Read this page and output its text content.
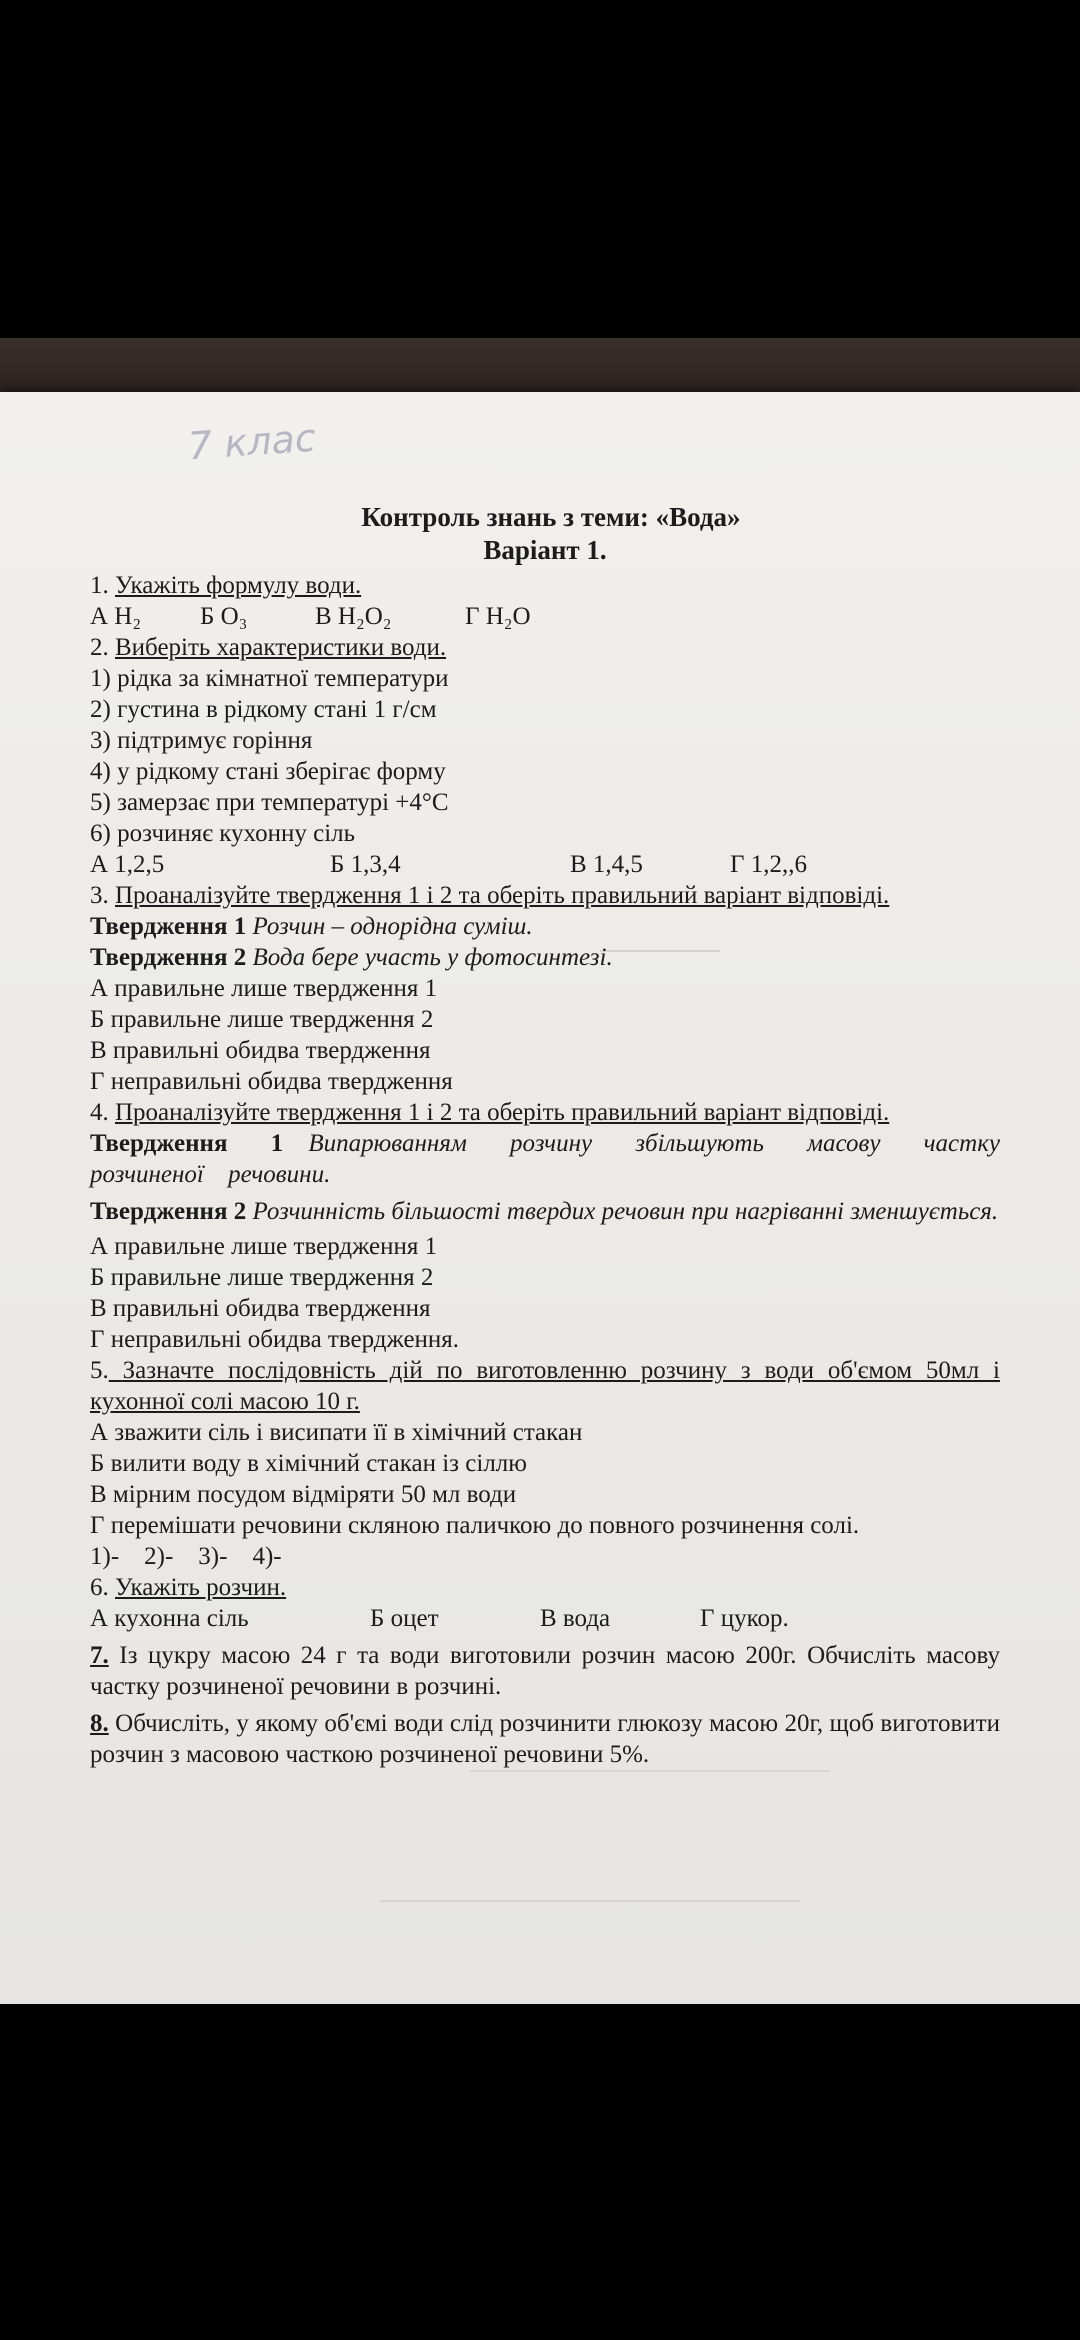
7 клас
Контроль знань з теми: «Вода»
Варіант 1.
1. Укажіть формулу води.
А H₂	Б O₃	В H₂O₂	Г H₂O
2. Виберіть характеристики води.
1) рідка за кімнатної температури
2) густина в рідкому стані 1 г/см
3) підтримує горіння
4) у рідкому стані зберігає форму
5) замерзає при температурі +4°С
6) розчиняє кухонну сіль
А 1,2,5	Б 1,3,4	В 1,4,5	Г 1,2,,6
3. Проаналізуйте твердження 1 і 2 та оберіть правильний варіант відповіді.
Твердження 1 Розчин – однорідна суміш.
Твердження 2 Вода бере участь у фотосинтезі.
А правильне лише твердження 1
Б правильне лише твердження 2
В правильні обидва твердження
Г неправильні обидва твердження
4. Проаналізуйте твердження 1 і 2 та оберіть правильний варіант відповіді.
Твердження 1 Випарюванням розчину збільшують масову частку розчиненої речовини.
Твердження 2 Розчинність більшості твердих речовин при нагріванні зменшується.
А правильне лише твердження 1
Б правильне лише твердження 2
В правильні обидва твердження
Г неправильні обидва твердження.
5. Зазначте послідовність дій по виготовленню розчину з води об'ємом 50мл і кухонної солі масою 10 г.
А зважити сіль і висипати її в хімічний стакан
Б вилити воду в хімічний стакан із сіллю
В мірним посудом відміряти 50 мл води
Г перемішати речовини скляною паличкою до повного розчинення солі.
1)-    2)-    3)-    4)-
6. Укажіть розчин.
А кухонна сіль	Б оцет	В вода	Г цукор.
7. Із цукру масою 24 г та води виготовили розчин масою 200г. Обчисліть масову частку розчиненої речовини в розчині.
8. Обчисліть, у якому об'ємі води слід розчинити глюкозу масою 20г, щоб виготовити розчин з масовою часткою розчиненої речовини 5%.
